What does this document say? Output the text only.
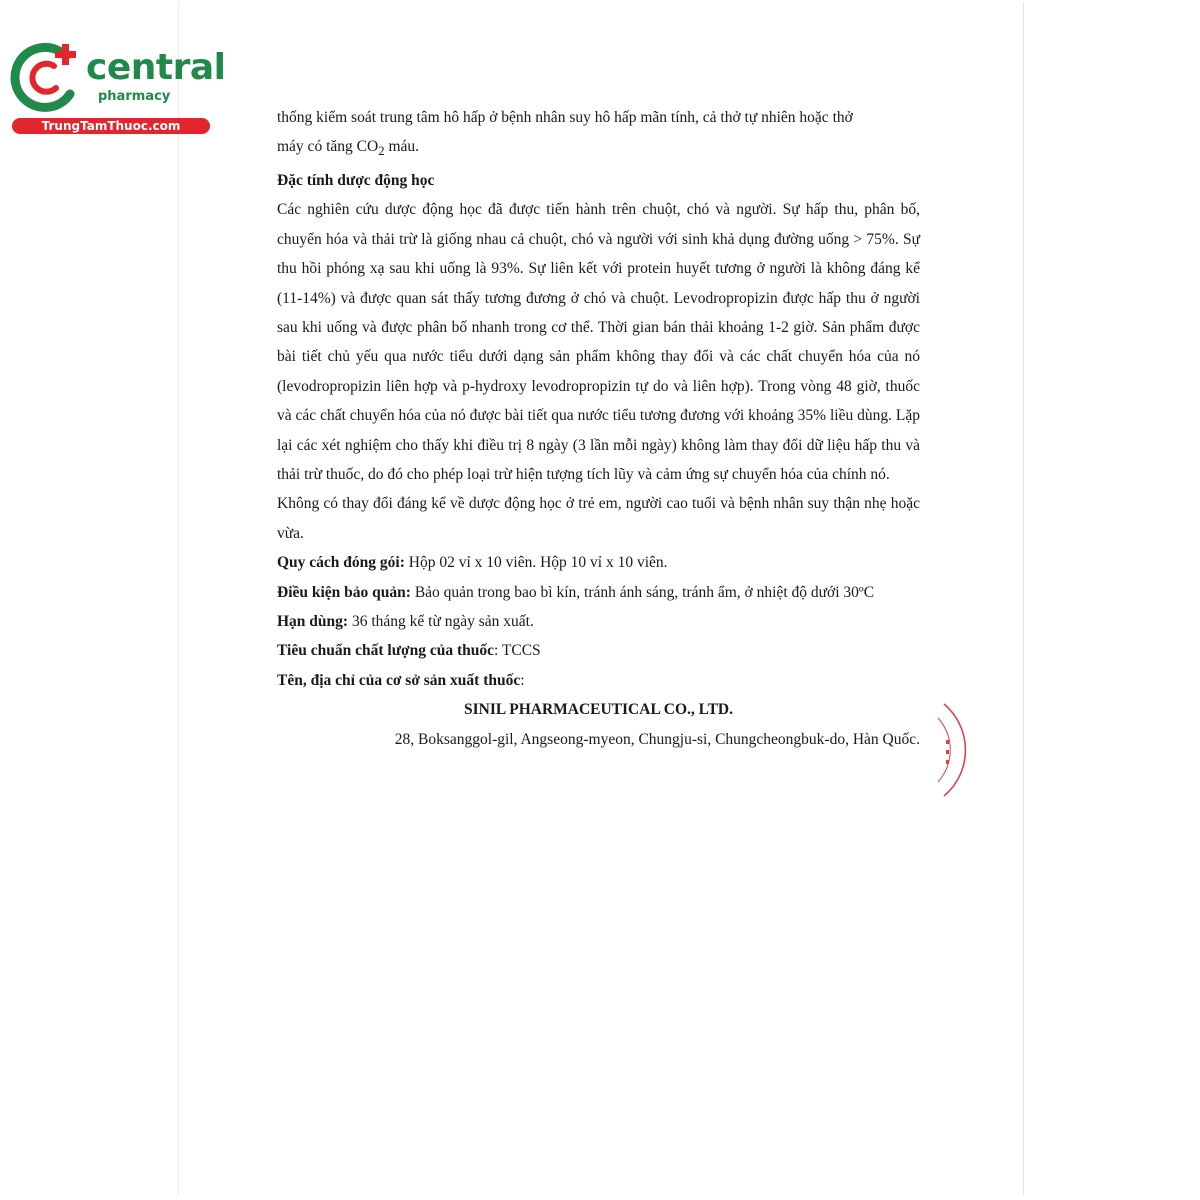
central
pharmacy
TrungTamThuoc.com	thống kiểm soát trung tâm hô hấp ở bệnh nhân suy hô hấp mãn tính, cả thở tự nhiên hoặc thở

máy có tăng $CO_2$ máu.

Đặc tính dược động học

Các nghiên cứu dược động học đã được tiến hành trên chuột, chó và người. Sự hấp thu, phân bố, chuyển hóa và thải trừ là giống nhau cả chuột, chó và người với sinh khả dụng đường uống > 75%. Sự thu hồi phóng xạ sau khi uống là 93%. Sự liên kết với protein huyết tương ở người là không đáng kể (11-14%) và được quan sát thấy tương đương ở chó và chuột. Levodropropizin được hấp thu ở người sau khi uống và được phân bố nhanh trong cơ thể. Thời gian bán thải khoảng 1-2 giờ. Sản phẩm được bài tiết chủ yếu qua nước tiểu dưới dạng sản phẩm không thay đổi và các chất chuyển hóa của nó (levodropropizin liên hợp và p-hydroxy levodropropizin tự do và liên hợp). Trong vòng 48 giờ, thuốc và các chất chuyển hóa của nó được bài tiết qua nước tiểu tương đương với khoảng 35% liều dùng. Lặp lại các xét nghiệm cho thấy khi điều trị 8 ngày (3 lần mỗi ngày) không làm thay đổi dữ liệu hấp thu và thải trừ thuốc, do đó cho phép loại trừ hiện tượng tích lũy và cảm ứng sự chuyển hóa của chính nó.

Không có thay đổi đáng kể về dược động học ở trẻ em, người cao tuổi và bệnh nhân suy thận nhẹ hoặc vừa.

Quy cách đóng gói: Hộp 02 vỉ x 10 viên. Hộp 10 vỉ x 10 viên.

Điều kiện bảo quản: Bảo quản trong bao bì kín, tránh ánh sáng, tránh ẩm, ở nhiệt độ dưới 30ºC

Hạn dùng: 36 tháng kể từ ngày sản xuất.

Tiêu chuẩn chất lượng của thuốc: TCCS

Tên, địa chỉ của cơ sở sản xuất thuốc:

SINIL PHARMACEUTICAL CO., LTD.

28, Boksanggol-gil, Angseong-myeon, Chungju-si, Chungcheongbuk-do, Hàn Quốc.
